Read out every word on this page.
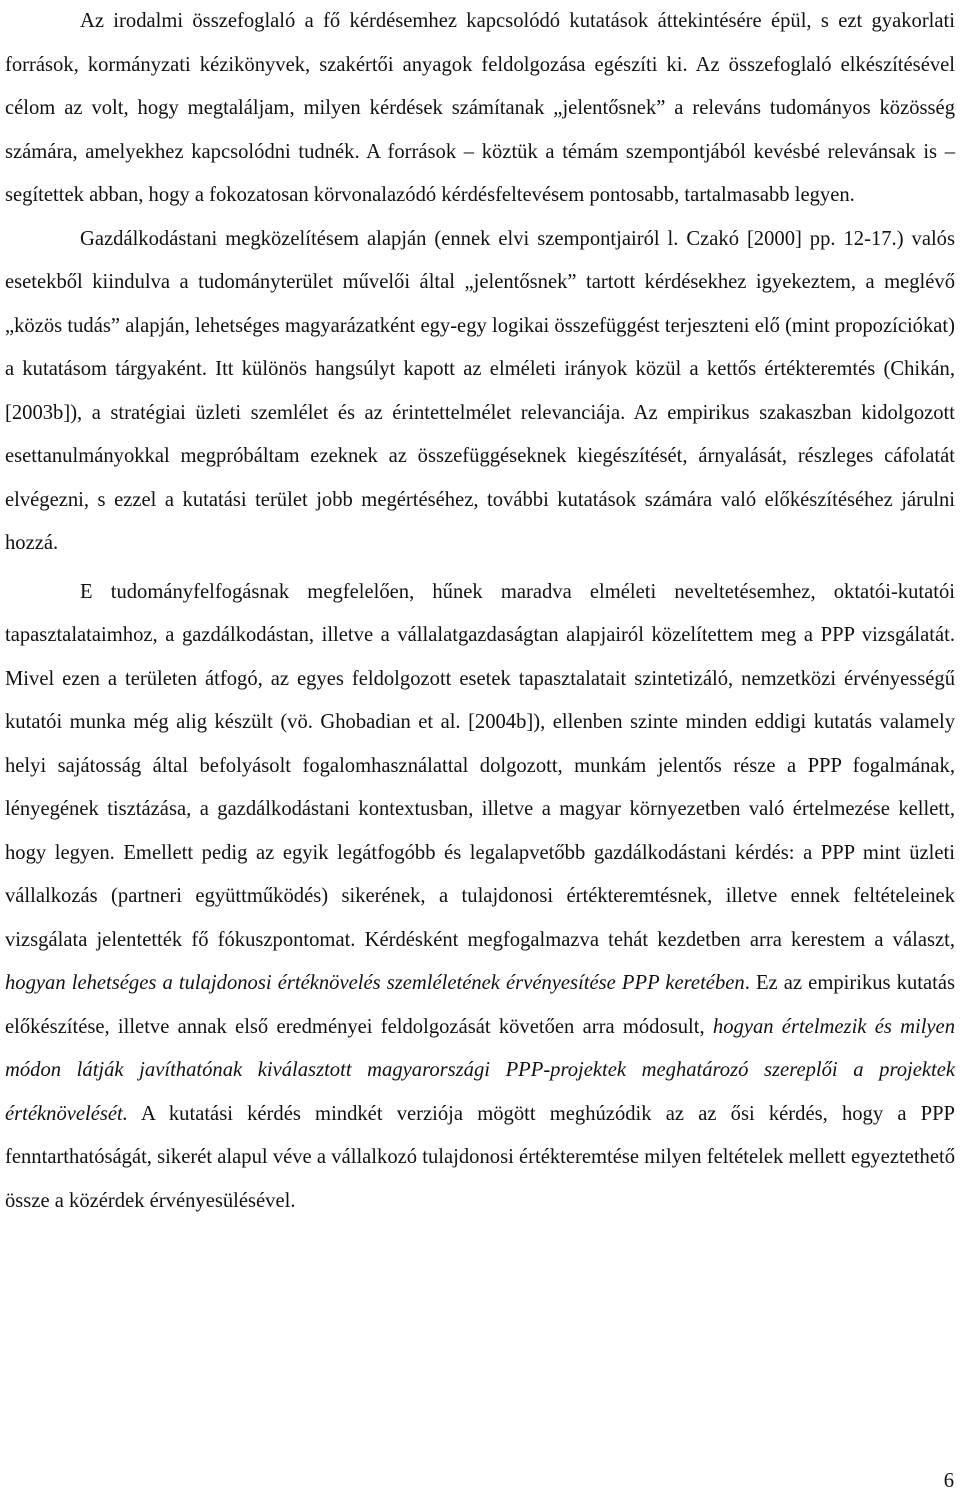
Az irodalmi összefoglaló a fő kérdésemhez kapcsolódó kutatások áttekintésére épül, s ezt gyakorlati források, kormányzati kézikönyvek, szakértői anyagok feldolgozása egészíti ki. Az összefoglaló elkészítésével célom az volt, hogy megtaláljam, milyen kérdések számítanak „jelentősnek” a releváns tudományos közösség számára, amelyekhez kapcsolódni tudnék. A források – köztük a témám szempontjából kevésbé relevánsak is – segítettek abban, hogy a fokozatosan körvonalazódó kérdésfeltevésem pontosabb, tartalmasabb legyen.

Gazdálkodástani megközelítésem alapján (ennek elvi szempontjairól l. Czakó [2000] pp. 12-17.) valós esetekből kiindulva a tudományterület művelői által „jelentősnek” tartott kérdésekhez igyekeztem, a meglévő „közös tudás” alapján, lehetséges magyarázatként egy-egy logikai összefüggést terjeszteni elő (mint propozíciókat) a kutatásom tárgyaként. Itt különös hangsúlyt kapott az elméleti irányok közül a kettős értékteremtés (Chikán, [2003b]), a stratégiai üzleti szemlélet és az érintettelmélet relevanciája. Az empirikus szakaszban kidolgozott esettanulmányokkal megpróbáltam ezeknek az összefüggéseknek kiegészítését, árnyalását, részleges cáfolatát elvégezni, s ezzel a kutatási terület jobb megértéséhez, további kutatások számára való előkészítéséhez járulni hozzá.

E tudományfelfogásnak megfelelően, hűnek maradva elméleti neveltetésemhez, oktatói-kutatói tapasztalataimhoz, a gazdálkodástan, illetve a vállalatgazdaságtan alapjairól közelítettem meg a PPP vizsgálatát. Mivel ezen a területen átfogó, az egyes feldolgozott esetek tapasztalatait szintetizáló, nemzetközi érvényességű kutatói munka még alig készült (vö. Ghobadian et al. [2004b]), ellenben szinte minden eddigi kutatás valamely helyi sajátosság által befolyásolt fogalomhasználattal dolgozott, munkám jelentős része a PPP fogalmának, lényegének tisztázása, a gazdálkodástani kontextusban, illetve a magyar környezetben való értelmezése kellett, hogy legyen. Emellett pedig az egyik legátfogóbb és legalapvetőbb gazdálkodástani kérdés: a PPP mint üzleti vállalkozás (partneri együttműködés) sikerének, a tulajdonosi értékteremtésnek, illetve ennek feltételeinek vizsgálata jelentették fő fókuszpontomat. Kérdésként megfogalmazva tehát kezdetben arra kerestem a választ, hogyan lehetséges a tulajdonosi értéknövelés szemléletének érvényesítése PPP keretében. Ez az empirikus kutatás előkészítése, illetve annak első eredményei feldolgozását követően arra módosult, hogyan értelmezik és milyen módon látják javíthatónak kiválasztott magyarországi PPP-projektek meghatározó szereplői a projektek értéknövelését. A kutatási kérdés mindkét verziója mögött meghúzódik az az ősi kérdés, hogy a PPP fenntarthatóságát, sikerét alapul véve a vállalkozó tulajdonosi értékteremtése milyen feltételek mellett egyeztethető össze a közérdek érvényesülésével.

6
